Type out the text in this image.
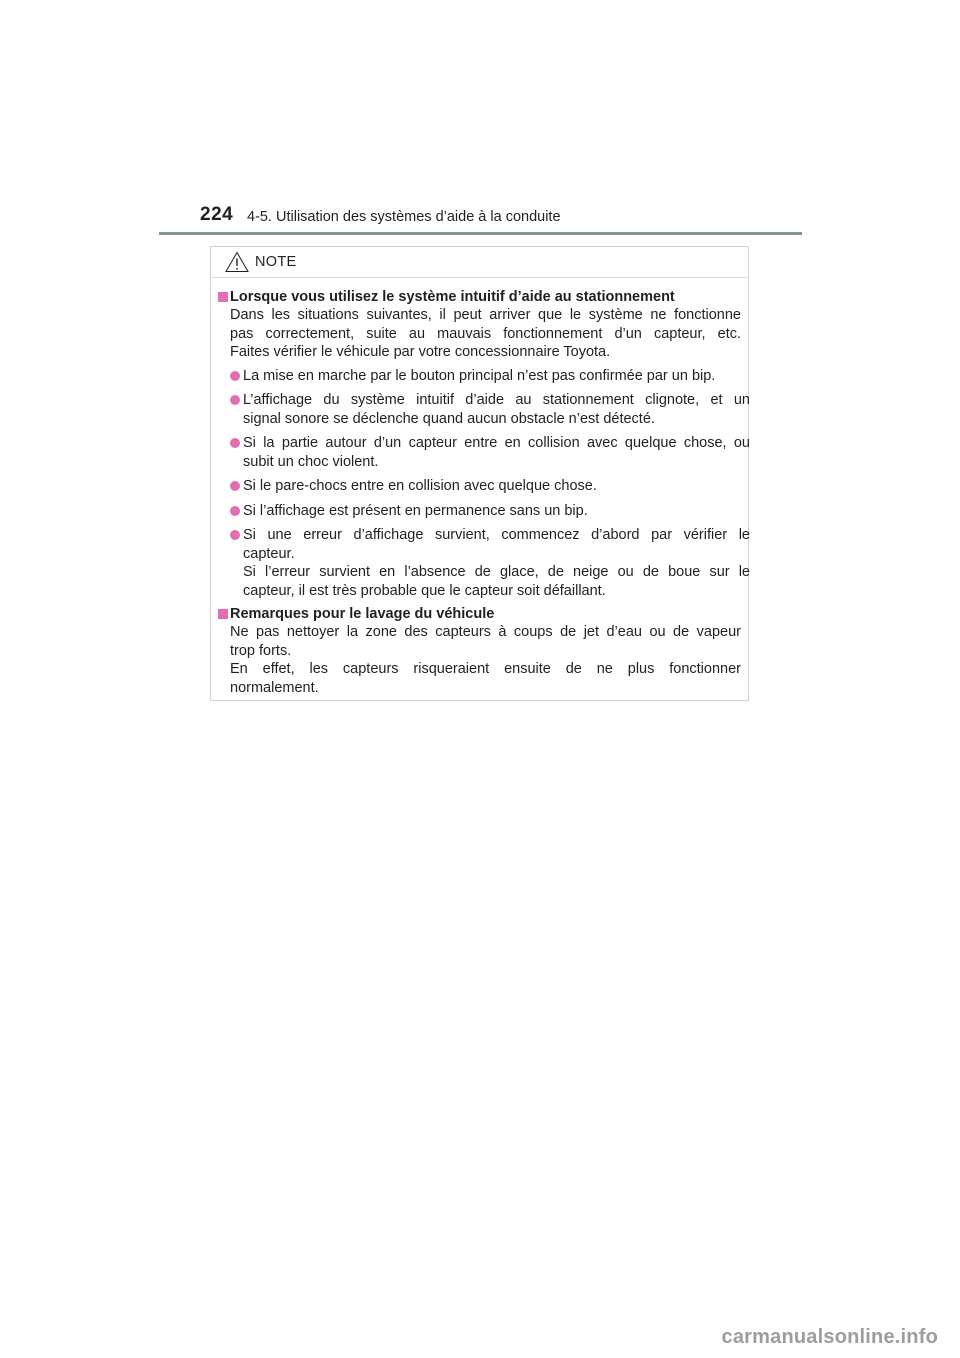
224 4-5. Utilisation des systèmes d’aide à la conduite
NOTE
Lorsque vous utilisez le système intuitif d’aide au stationnement
Dans les situations suivantes, il peut arriver que le système ne fonctionne
pas correctement, suite au mauvais fonctionnement d’un capteur, etc.
Faites vérifier le véhicule par votre concessionnaire Toyota.
La mise en marche par le bouton principal n’est pas confirmée par un bip.
L’affichage du système intuitif d’aide au stationnement clignote, et un
signal sonore se déclenche quand aucun obstacle n’est détecté.
Si la partie autour d’un capteur entre en collision avec quelque chose, ou
subit un choc violent.
Si le pare-chocs entre en collision avec quelque chose.
Si l’affichage est présent en permanence sans un bip.
Si une erreur d’affichage survient, commencez d’abord par vérifier le
capteur.
Si l’erreur survient en l’absence de glace, de neige ou de boue sur le
capteur, il est très probable que le capteur soit défaillant.
Remarques pour le lavage du véhicule
Ne pas nettoyer la zone des capteurs à coups de jet d’eau ou de vapeur
trop forts.
En effet, les capteurs risqueraient ensuite de ne plus fonctionner
normalement.
carmanualsonline.info
